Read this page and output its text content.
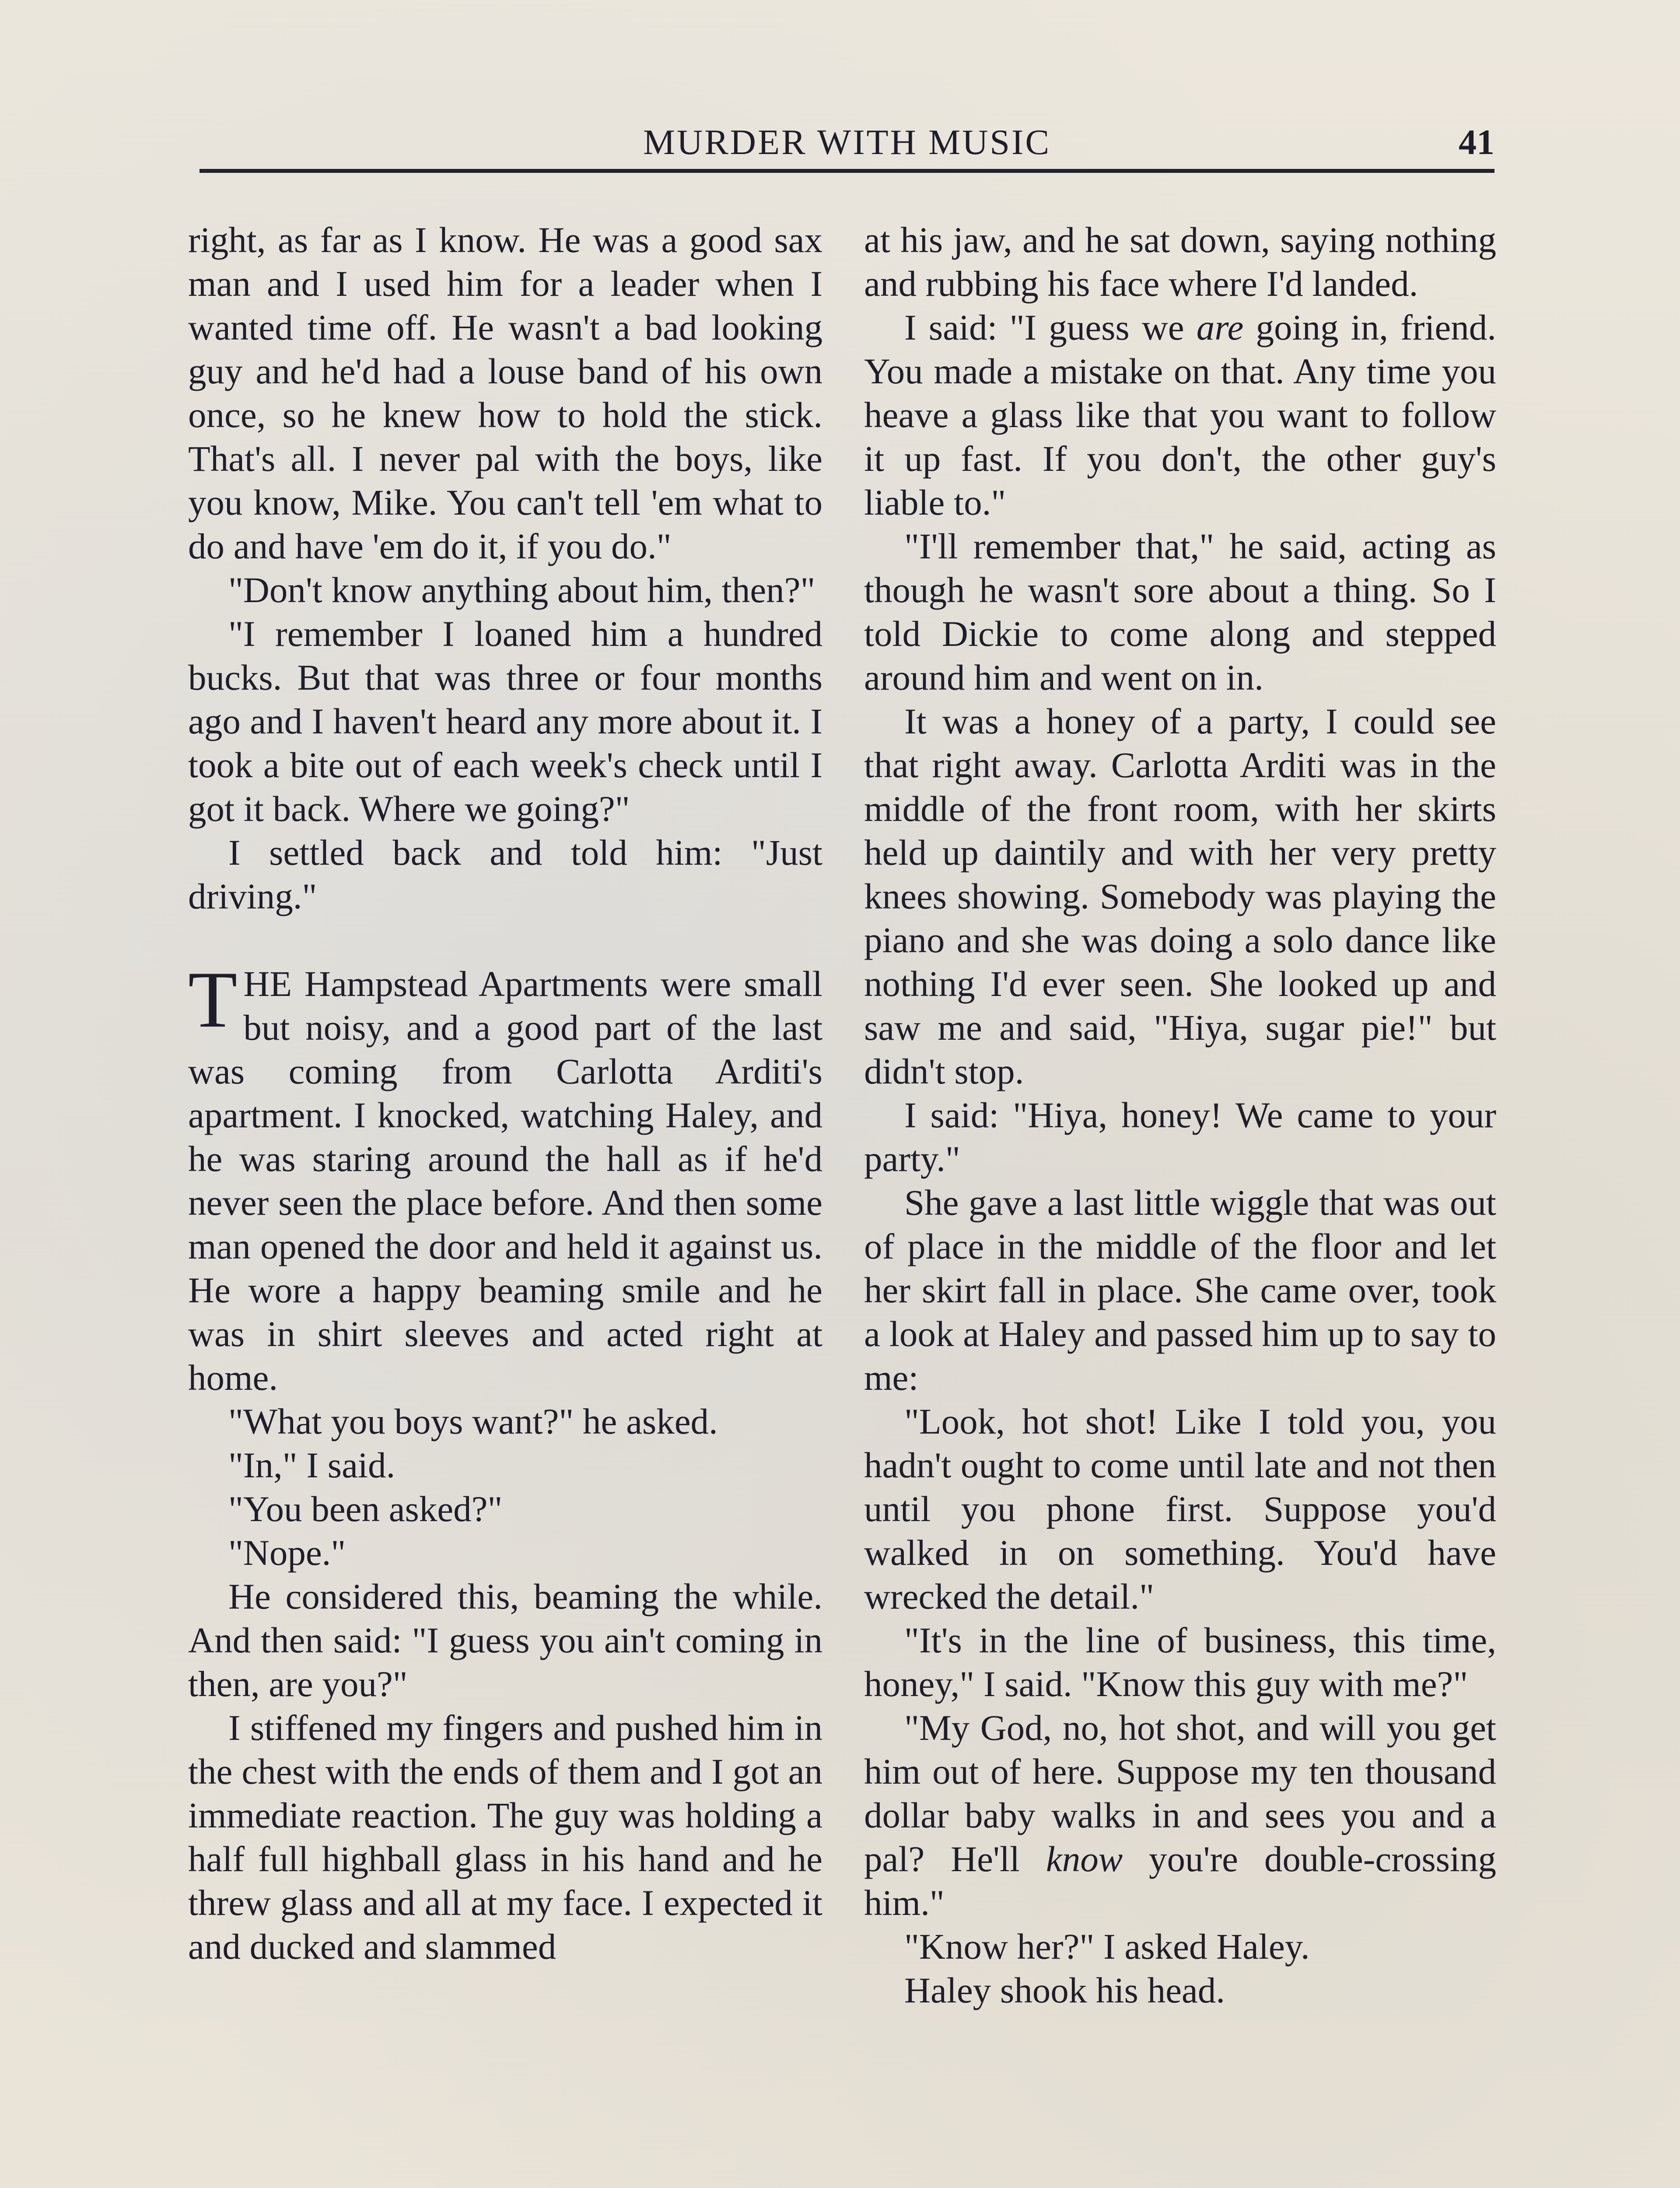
MURDER WITH MUSIC	41

right, as far as I know. He was a good sax man and I used him for a leader when I wanted time off. He wasn't a bad looking guy and he'd had a louse band of his own once, so he knew how to hold the stick. That's all. I never pal with the boys, like you know, Mike. You can't tell 'em what to do and have 'em do it, if you do."

"Don't know anything about him, then?"

"I remember I loaned him a hundred bucks. But that was three or four months ago and I haven't heard any more about it. I took a bite out of each week's check until I got it back. Where we going?"

I settled back and told him: "Just driving."

THE Hampstead Apartments were small but noisy, and a good part of the last was coming from Carlotta Arditi's apartment. I knocked, watching Haley, and he was staring around the hall as if he'd never seen the place before. And then some man opened the door and held it against us. He wore a happy beaming smile and he was in shirt sleeves and acted right at home.

"What you boys want?" he asked.

"In," I said.

"You been asked?"

"Nope."

He considered this, beaming the while. And then said: "I guess you ain't coming in then, are you?"

I stiffened my fingers and pushed him in the chest with the ends of them and I got an immediate reaction. The guy was holding a half full highball glass in his hand and he threw glass and all at my face. I expected it and ducked and slammed

at his jaw, and he sat down, saying nothing and rubbing his face where I'd landed.

I said: "I guess we are going in, friend. You made a mistake on that. Any time you heave a glass like that you want to follow it up fast. If you don't, the other guy's liable to."

"I'll remember that," he said, acting as though he wasn't sore about a thing. So I told Dickie to come along and stepped around him and went on in.

It was a honey of a party, I could see that right away. Carlotta Arditi was in the middle of the front room, with her skirts held up daintily and with her very pretty knees showing. Somebody was playing the piano and she was doing a solo dance like nothing I'd ever seen. She looked up and saw me and said, "Hiya, sugar pie!" but didn't stop.

I said: "Hiya, honey! We came to your party."

She gave a last little wiggle that was out of place in the middle of the floor and let her skirt fall in place. She came over, took a look at Haley and passed him up to say to me:

"Look, hot shot! Like I told you, you hadn't ought to come until late and not then until you phone first. Suppose you'd walked in on something. You'd have wrecked the detail."

"It's in the line of business, this time, honey," I said. "Know this guy with me?"

"My God, no, hot shot, and will you get him out of here. Suppose my ten thousand dollar baby walks in and sees you and a pal? He'll know you're double-crossing him."

"Know her?" I asked Haley.

Haley shook his head.
